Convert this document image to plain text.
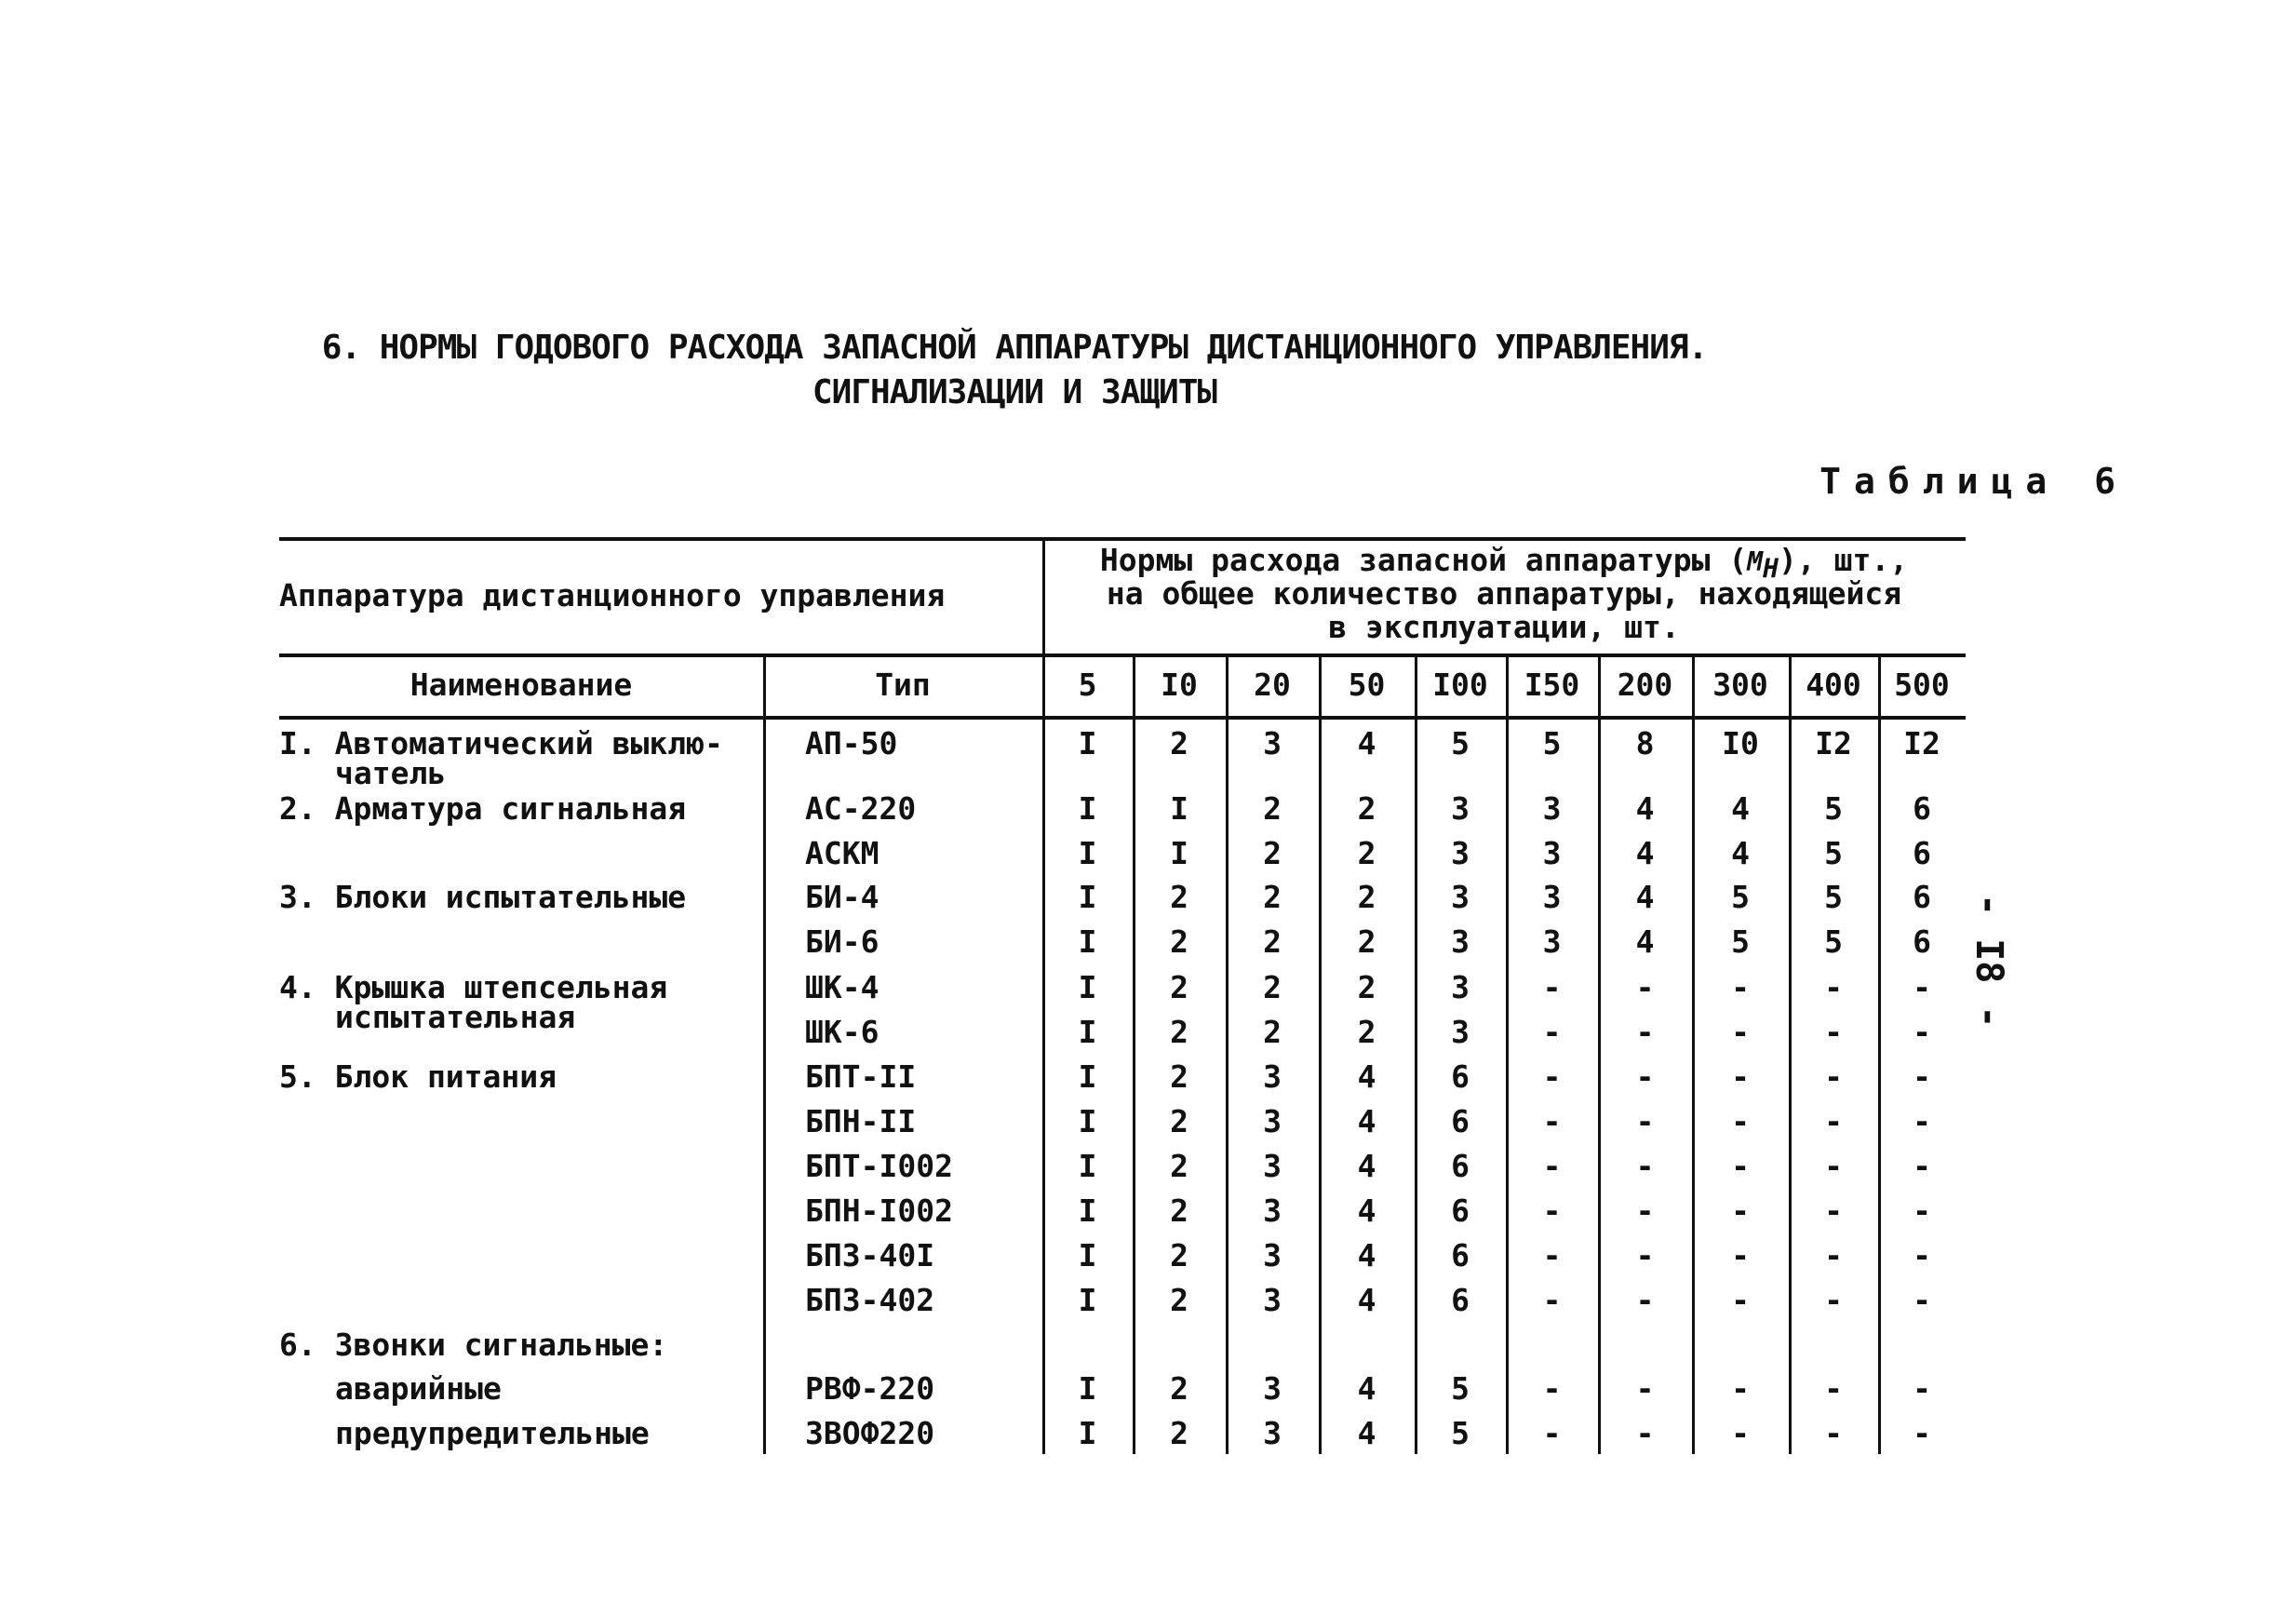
6. НОРМЫ ГОДОВОГО РАСХОДА ЗАПАСНОЙ АППАРАТУРЫ ДИСТАНЦИОННОГО УПРАВЛЕНИЯ.
СИГНАЛИЗАЦИИ И ЗАЩИТЫ
Таблица 6
- I8 -
Аппаратура дистанционного управления
Нормы расхода запасной аппаратуры $(M_H)$, шт.,
на общее количество аппаратуры, находящейся
в эксплуатации, шт.
Наименование	Тип	5	I0	20	50	I00	I50	200	300	400	500
I. Автоматический выклю-
чатель
АП-50	I	2	3	4	5	5	8	I0	I2	I2
2. Арматура сигнальная	АС-220	I	I	2	2	3	3	4	4	5	6
АСКМ	I	I	2	2	3	3	4	4	5	6
3. Блоки испытательные	БИ-4	I	2	2	2	3	3	4	5	5	6
БИ-6	I	2	2	2	3	3	4	5	5	6
4. Крышка штепсельная
испытательная
ШК-4	I	2	2	2	3	-	-	-	-	-
ШК-6	I	2	2	2	3	-	-	-	-	-
5. Блок питания	БПТ-II	I	2	3	4	6	-	-	-	-	-
БПН-II	I	2	3	4	6	-	-	-	-	-
БПТ-I002	I	2	3	4	6	-	-	-	-	-
БПН-I002	I	2	3	4	6	-	-	-	-	-
БПЗ-40I	I	2	3	4	6	-	-	-	-	-
БПЗ-402	I	2	3	4	6	-	-	-	-	-
6. Звонки сигнальные:
аварийные	РВФ-220	I	2	3	4	5	-	-	-	-	-
предупредительные	ЗВОФ220	I	2	3	4	5	-	-	-	-	-
